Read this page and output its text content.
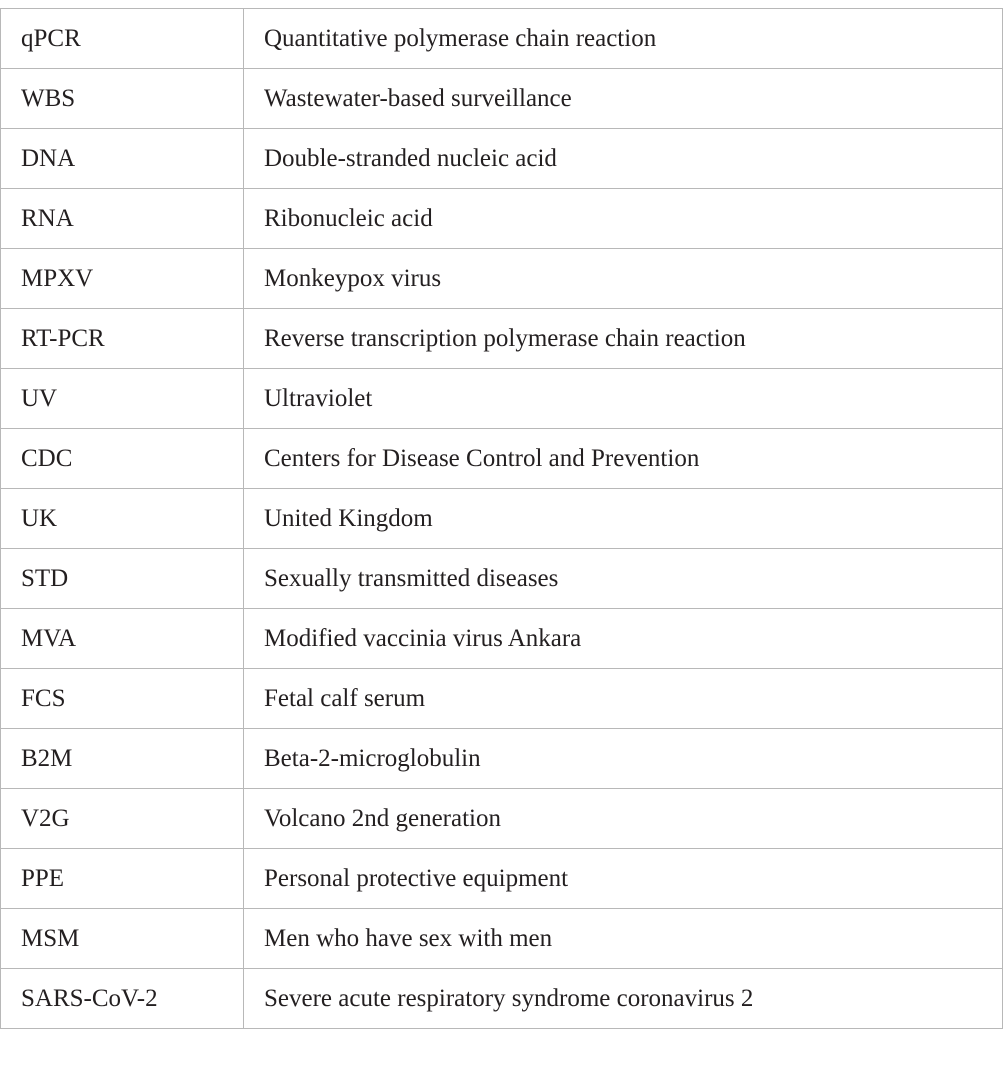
qPCR	Quantitative polymerase chain reaction
WBS	Wastewater-based surveillance
DNA	Double-stranded nucleic acid
RNA	Ribonucleic acid
MPXV	Monkeypox virus
RT-PCR	Reverse transcription polymerase chain reaction
UV	Ultraviolet
CDC	Centers for Disease Control and Prevention
UK	United Kingdom
STD	Sexually transmitted diseases
MVA	Modified vaccinia virus Ankara
FCS	Fetal calf serum
B2M	Beta-2-microglobulin
V2G	Volcano 2nd generation
PPE	Personal protective equipment
MSM	Men who have sex with men
SARS-CoV-2	Severe acute respiratory syndrome coronavirus 2
